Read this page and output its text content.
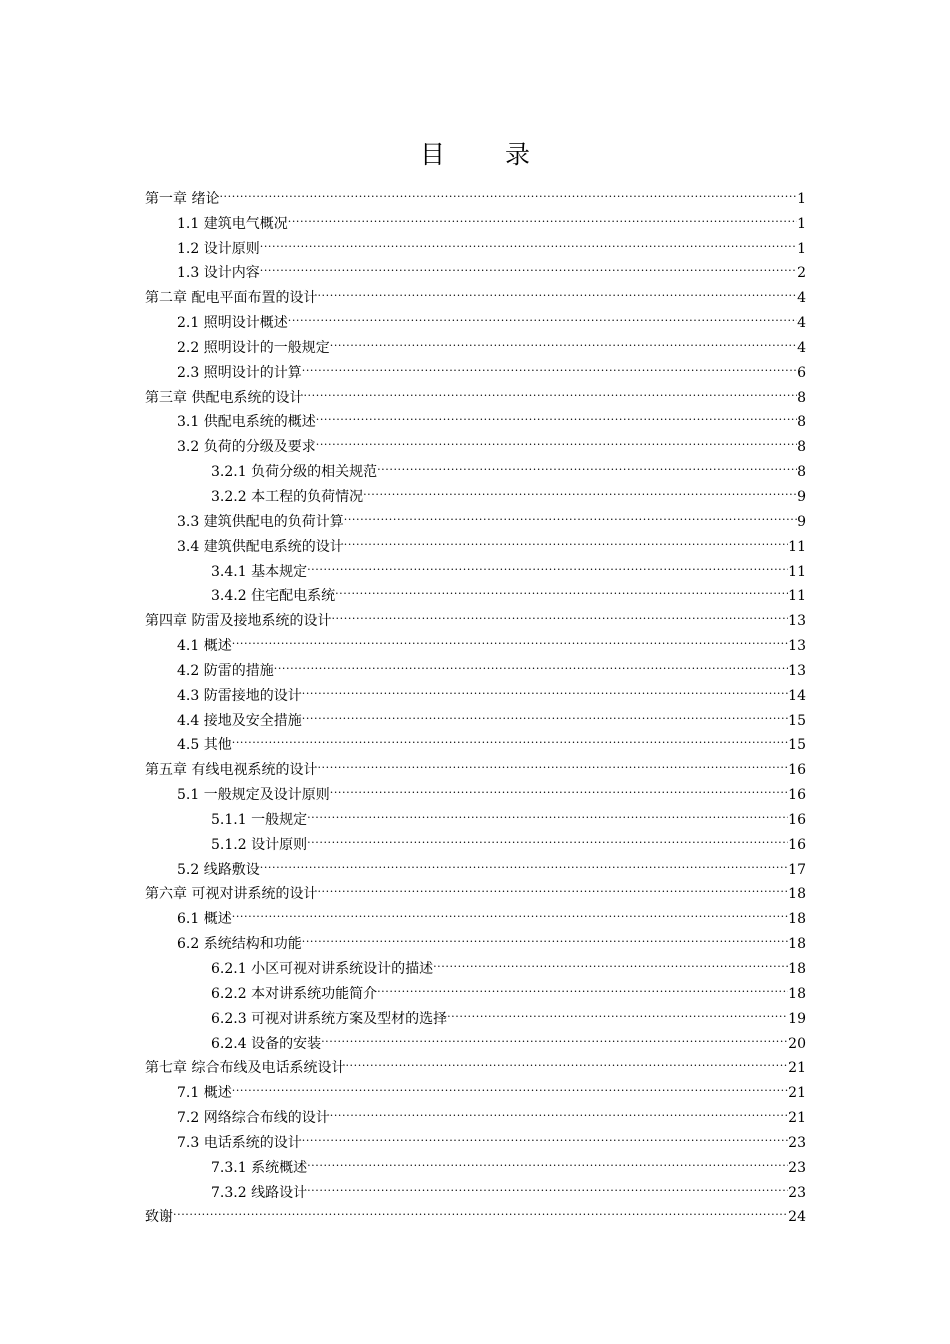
目 录
第一章 绪论 .....	1
1.1 建筑电气概况 .....	1
1.2 设计原则 .....	1
1.3 设计内容 .....	2
第二章 配电平面布置的设计 .....	4
2.1 照明设计概述 .....	4
2.2 照明设计的一般规定 .....	4
2.3 照明设计的计算 .....	6
第三章 供配电系统的设计 .....	8
3.1 供配电系统的概述 .....	8
3.2 负荷的分级及要求 .....	8
3.2.1 负荷分级的相关规范 .....	8
3.2.2 本工程的负荷情况 .....	9
3.3 建筑供配电的负荷计算 .....	9
3.4 建筑供配电系统的设计 .....	11
3.4.1 基本规定 .....	11
3.4.2 住宅配电系统 .....	11
第四章 防雷及接地系统的设计 .....	13
4.1 概述 .....	13
4.2 防雷的措施 .....	13
4.3 防雷接地的设计 .....	14
4.4 接地及安全措施 .....	15
4.5 其他 .....	15
第五章 有线电视系统的设计 .....	16
5.1 一般规定及设计原则 .....	16
5.1.1 一般规定 .....	16
5.1.2 设计原则 .....	16
5.2 线路敷设 .....	17
第六章 可视对讲系统的设计 .....	18
6.1 概述 .....	18
6.2 系统结构和功能 .....	18
6.2.1 小区可视对讲系统设计的描述 .....	18
6.2.2 本对讲系统功能简介 .....	18
6.2.3 可视对讲系统方案及型材的选择 .....	19
6.2.4 设备的安装 .....	20
第七章 综合布线及电话系统设计 .....	21
7.1 概述 .....	21
7.2 网络综合布线的设计 .....	21
7.3 电话系统的设计 .....	23
7.3.1 系统概述 .....	23
7.3.2 线路设计 .....	23
致谢 .....	24
